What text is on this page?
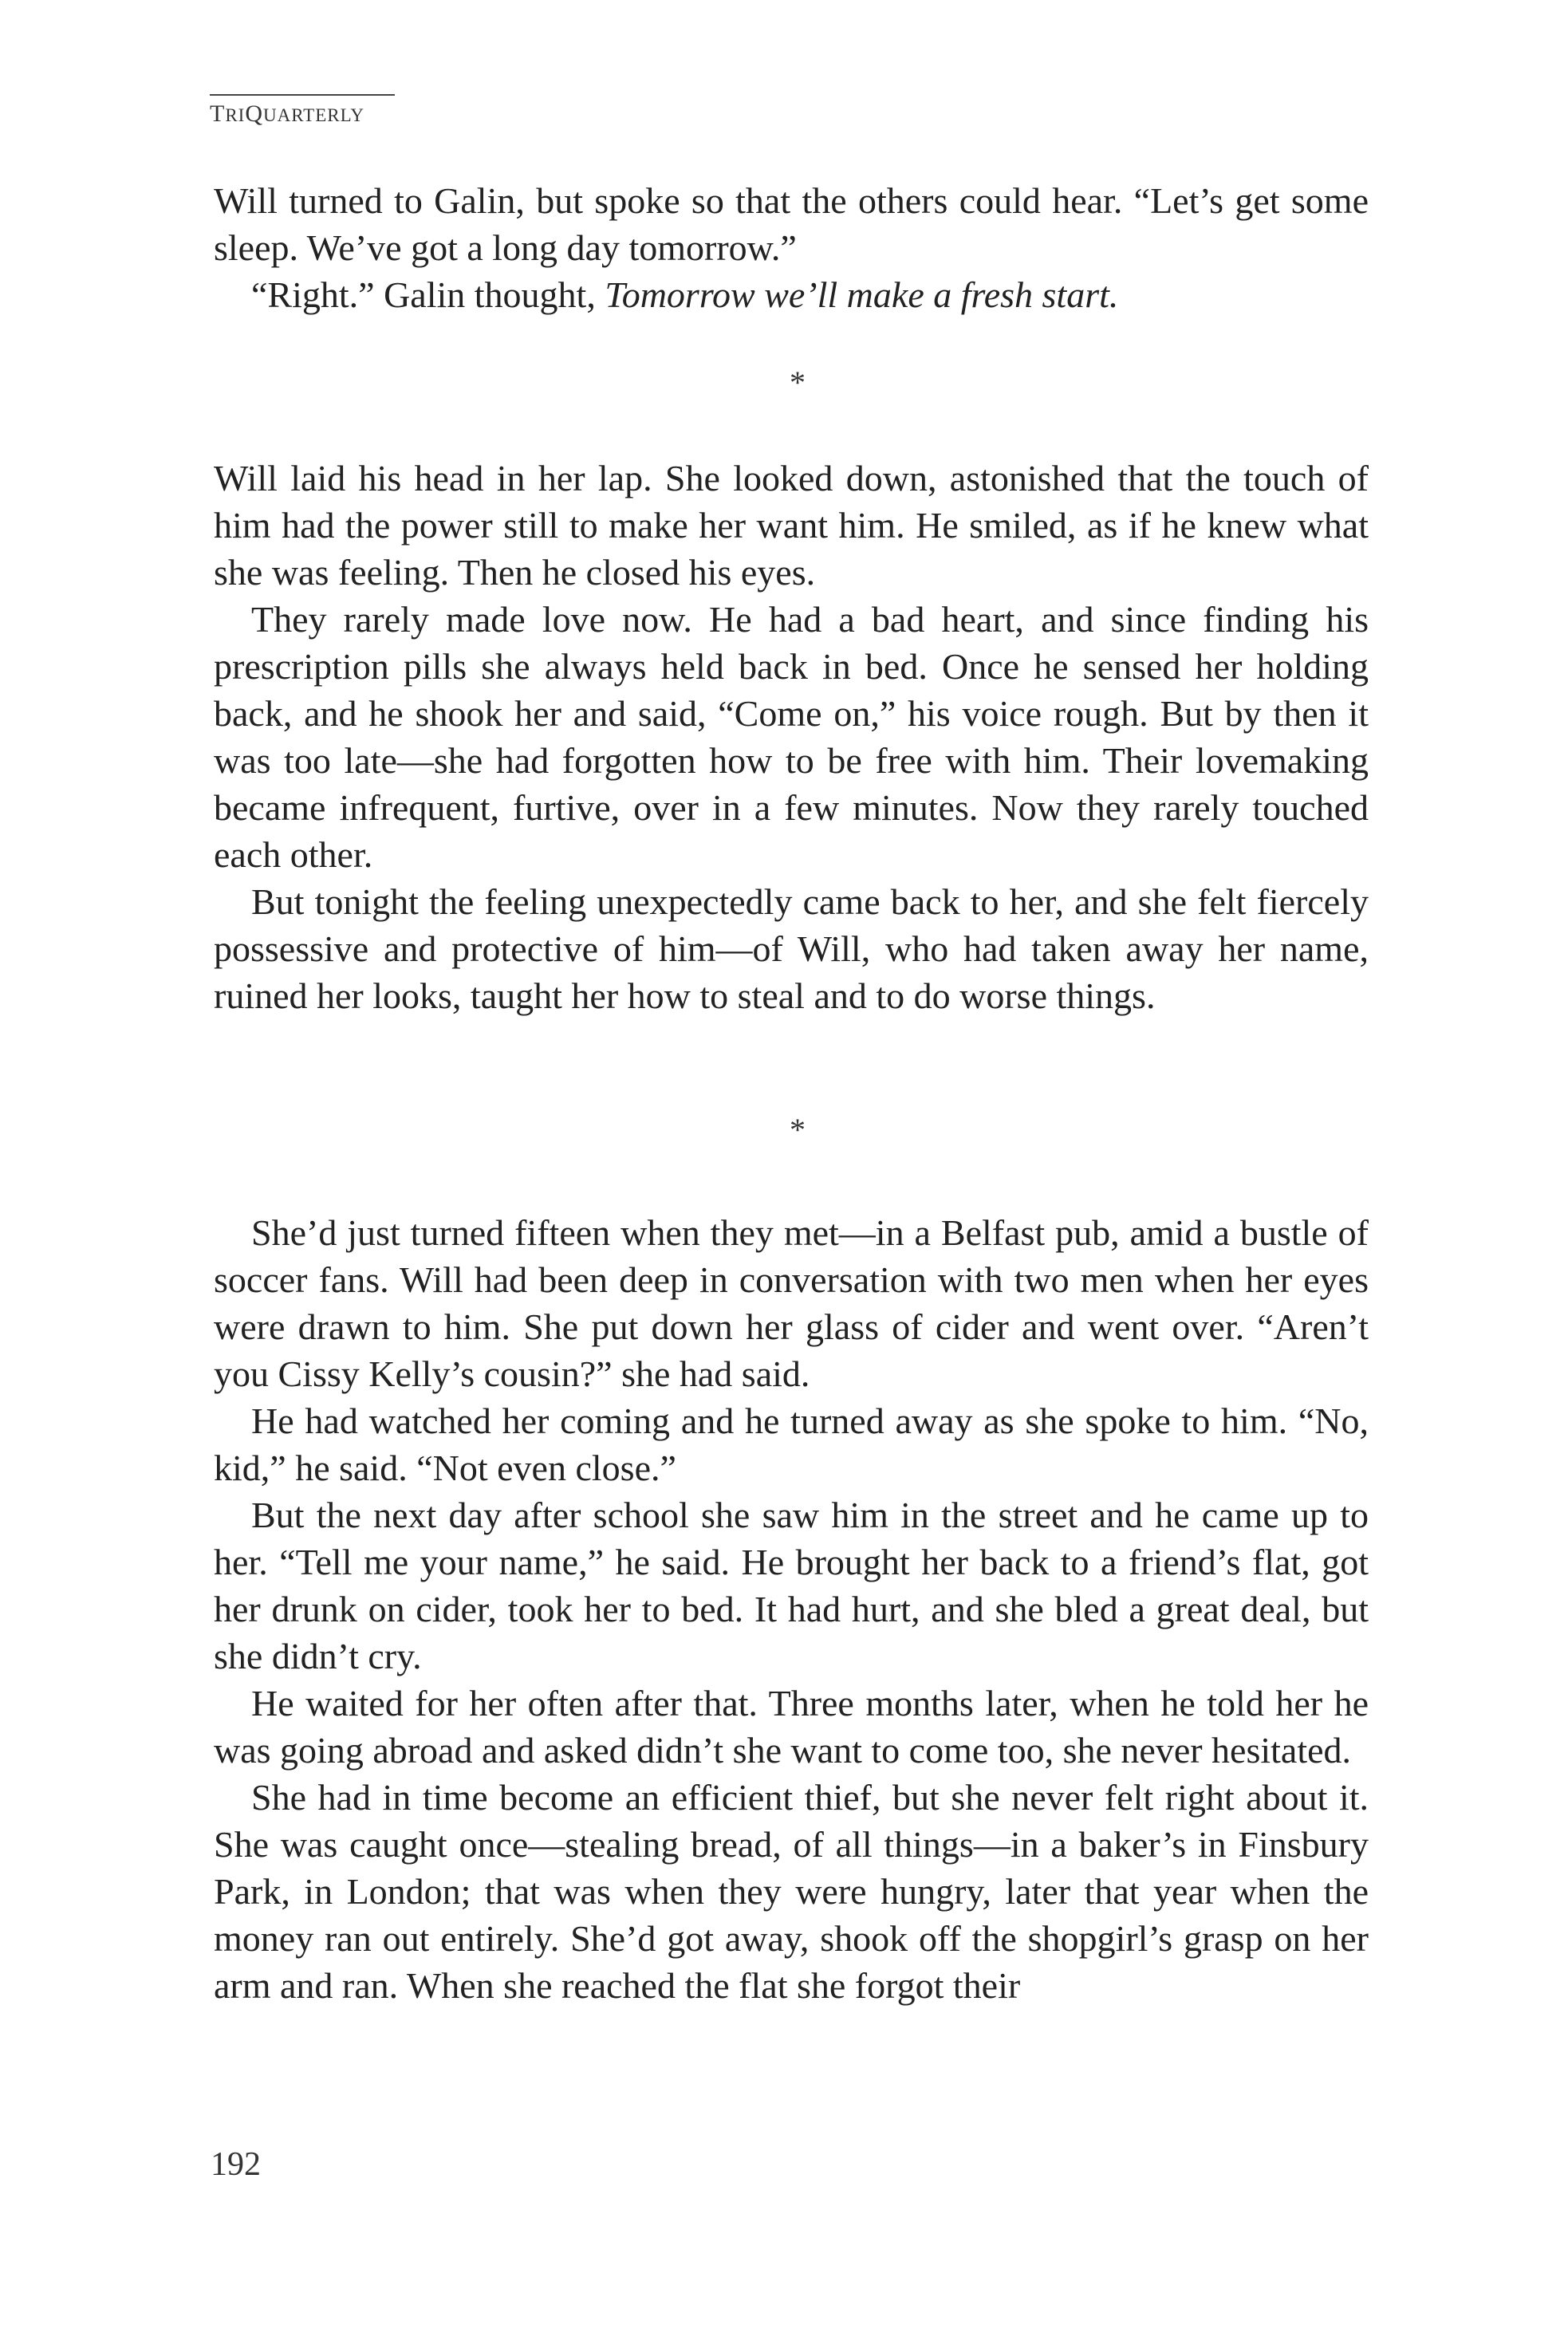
TRIQUARTERLY

Will turned to Galin, but spoke so that the others could hear. “Let’s get some sleep. We’ve got a long day tomorrow.”

“Right.” Galin thought, Tomorrow we’ll make a fresh start.

*

Will laid his head in her lap. She looked down, astonished that the touch of him had the power still to make her want him. He smiled, as if he knew what she was feeling. Then he closed his eyes.

They rarely made love now. He had a bad heart, and since finding his prescription pills she always held back in bed. Once he sensed her holding back, and he shook her and said, “Come on,” his voice rough. But by then it was too late—she had forgotten how to be free with him. Their lovemaking became infrequent, furtive, over in a few minutes. Now they rarely touched each other.

But tonight the feeling unexpectedly came back to her, and she felt fiercely possessive and protective of him—of Will, who had taken away her name, ruined her looks, taught her how to steal and to do worse things.

*

She’d just turned fifteen when they met—in a Belfast pub, amid a bustle of soccer fans. Will had been deep in conversation with two men when her eyes were drawn to him. She put down her glass of cider and went over. “Aren’t you Cissy Kelly’s cousin?” she had said.

He had watched her coming and he turned away as she spoke to him. “No, kid,” he said. “Not even close.”

But the next day after school she saw him in the street and he came up to her. “Tell me your name,” he said. He brought her back to a friend’s flat, got her drunk on cider, took her to bed. It had hurt, and she bled a great deal, but she didn’t cry.

He waited for her often after that. Three months later, when he told her he was going abroad and asked didn’t she want to come too, she never hesitated.

She had in time become an efficient thief, but she never felt right about it. She was caught once—stealing bread, of all things—in a baker’s in Finsbury Park, in London; that was when they were hungry, later that year when the money ran out entirely. She’d got away, shook off the shopgirl’s grasp on her arm and ran. When she reached the flat she forgot their

192
